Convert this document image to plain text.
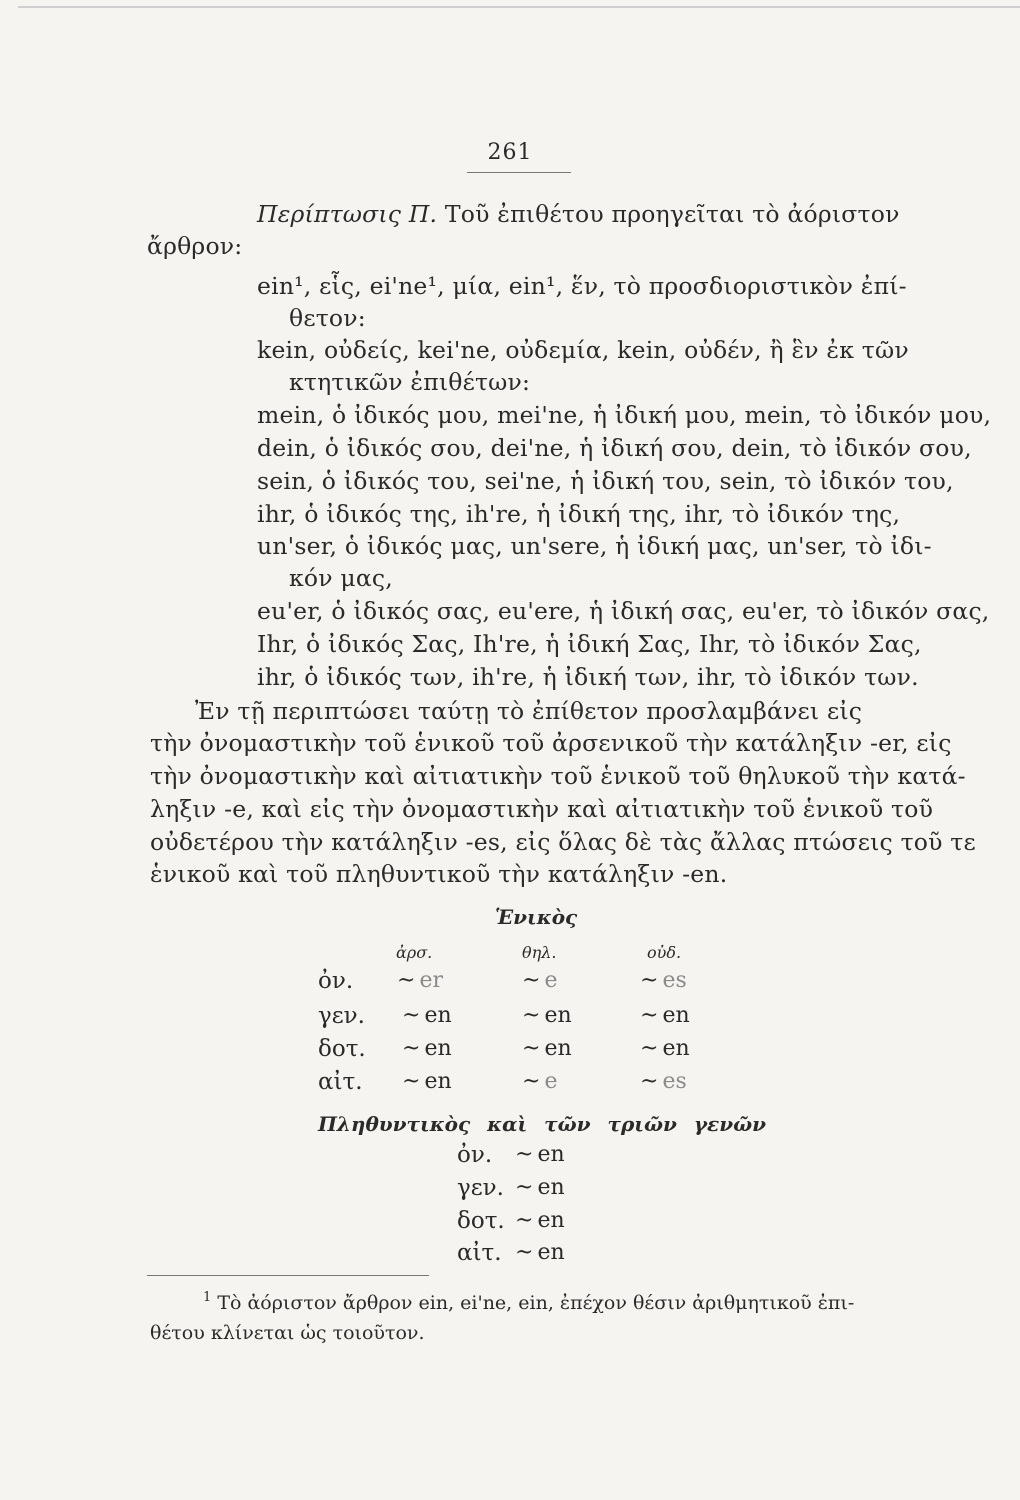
261
Περίπτωσις Π. Τοῦ ἐπιθέτου προηγεῖται τὸ ἀόριστον
ἄρθρον:
ein¹, εἷς, ei'ne¹, μία, ein¹, ἕν, τὸ προσδιοριστικὸν ἐπί-
θετον:
kein, οὐδείς, kei'ne, οὐδεμία, kein, οὐδέν, ἢ ἓν ἐκ τῶν
κτητικῶν ἐπιθέτων:
mein, ὁ ἰδικός μου, mei'ne, ἡ ἰδική μου, mein, τὸ ἰδικόν μου,
dein, ὁ ἰδικός σου, dei'ne, ἡ ἰδική σου, dein, τὸ ἰδικόν σου,
sein, ὁ ἰδικός του, sei'ne, ἡ ἰδική του, sein, τὸ ἰδικόν του,
ihr, ὁ ἰδικός της, ih're, ἡ ἰδική της, ihr, τὸ ἰδικόν της,
un'ser, ὁ ἰδικός μας, un'sere, ἡ ἰδική μας, un'ser, τὸ ἰδι-
κόν μας,
eu'er, ὁ ἰδικός σας, eu'ere, ἡ ἰδική σας, eu'er, τὸ ἰδικόν σας,
Ihr, ὁ ἰδικός Σας, Ih're, ἡ ἰδική Σας, Ihr, τὸ ἰδικόν Σας,
ihr, ὁ ἰδικός των, ih're, ἡ ἰδική των, ihr, τὸ ἰδικόν των.
Ἐν τῇ περιπτώσει ταύτῃ τὸ ἐπίθετον προσλαμβάνει εἰς
τὴν ὀνομαστικὴν τοῦ ἑνικοῦ τοῦ ἀρσενικοῦ τὴν κατάληξιν -er, εἰς
τὴν ὀνομαστικὴν καὶ αἰτιατικὴν τοῦ ἑνικοῦ τοῦ θηλυκοῦ τὴν κατά-
ληξιν -e, καὶ εἰς τὴν ὀνομαστικὴν καὶ αἰτιατικὴν τοῦ ἑνικοῦ τοῦ
οὐδετέρου τὴν κατάληξιν -es, εἰς ὅλας δὲ τὰς ἄλλας πτώσεις τοῦ τε
ἑνικοῦ καὶ τοῦ πληθυντικοῦ τὴν κατάληξιν -en.
Ἑνικὸς
ἀρσ.	θηλ.	οὐδ.
ὀν. ~ er	~ e	~ es
γεν. ~ en	~ en	~ en
δοτ. ~ en	~ en	~ en
αἰτ. ~ en	~ e	~ es
Πληθυντικὸς καὶ τῶν τριῶν γενῶν
ὀν. ~ en
γεν. ~ en
δοτ. ~ en
αἰτ. ~ en
$^1$ Τὸ ἀόριστον ἄρθρον ein, ei'ne, ein, ἐπέχον θέσιν ἀριθμητικοῦ ἐπι-
θέτου κλίνεται ὡς τοιοῦτον.
